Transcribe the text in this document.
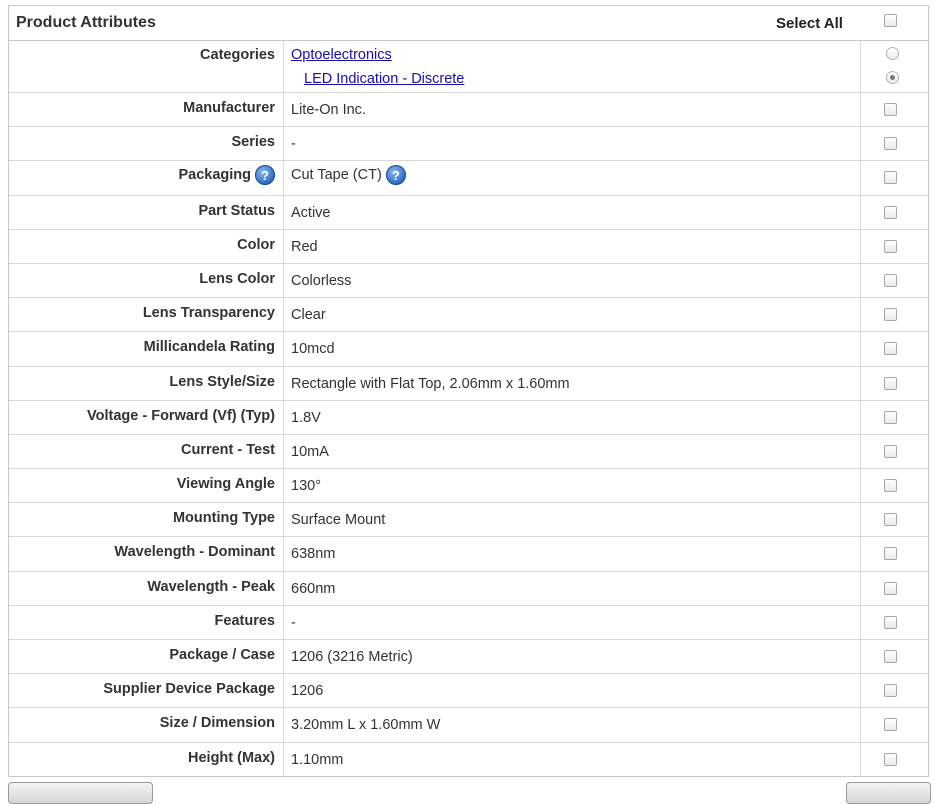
Product Attributes	Select All
Categories Optoelectronics
LED Indication - Discrete
Manufacturer Lite-On Inc.
Series -
Packaging ?	Cut Tape (CT) ?
Part Status Active
Color Red
Lens Color Colorless
Lens Transparency Clear
Millicandela Rating 10mcd
Lens Style/Size Rectangle with Flat Top, 2.06mm x 1.60mm
Voltage - Forward (Vf) (Typ) 1.8V
Current - Test 10mA
Viewing Angle 130°
Mounting Type Surface Mount
Wavelength - Dominant 638nm
Wavelength - Peak 660nm
Features -
Package / Case 1206 (3216 Metric)
Supplier Device Package 1206
Size / Dimension 3.20mm L x 1.60mm W
Height (Max) 1.10mm
